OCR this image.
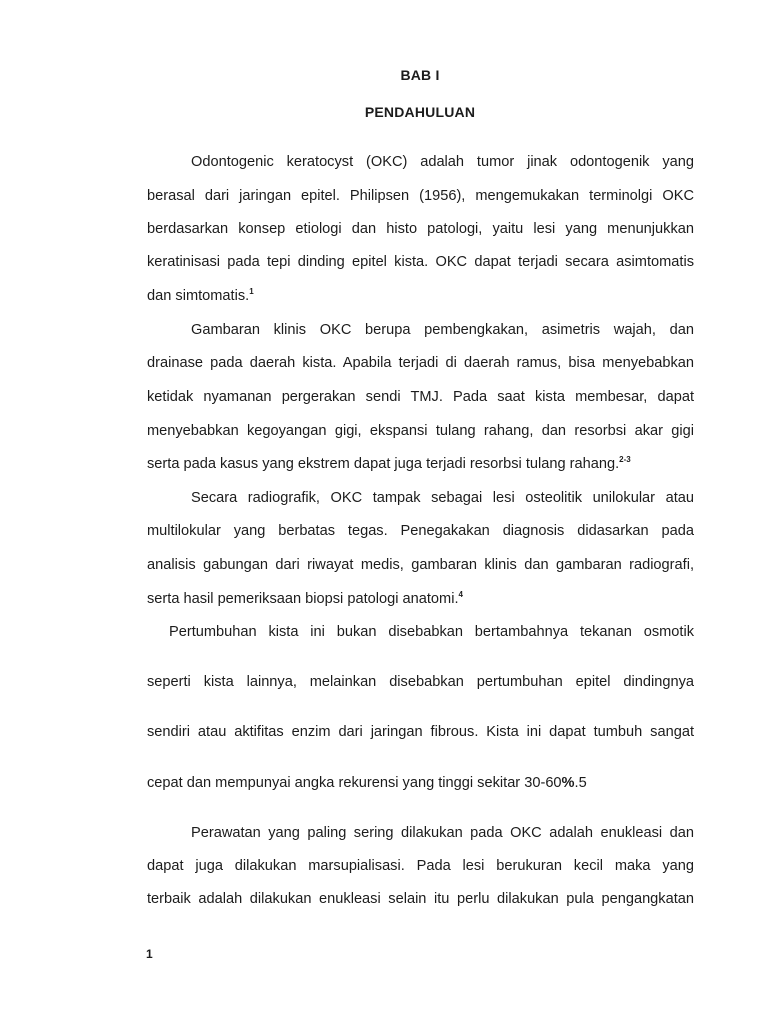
BAB I
PENDAHULUAN
Odontogenic keratocyst (OKC) adalah tumor jinak odontogenik yang
berasal dari jaringan epitel. Philipsen (1956), mengemukakan terminolgi OKC
berdasarkan konsep etiologi dan histo patologi, yaitu lesi yang menunjukkan
keratinisasi pada tepi dinding epitel kista. OKC dapat terjadi secara asimtomatis
dan simtomatis.$^1$
Gambaran klinis OKC berupa pembengkakan, asimetris wajah, dan
drainase pada daerah kista. Apabila terjadi di daerah ramus, bisa menyebabkan
ketidak nyamanan pergerakan sendi TMJ. Pada saat kista membesar, dapat
menyebabkan kegoyangan gigi, ekspansi tulang rahang, dan resorbsi akar gigi
serta pada kasus yang ekstrem dapat juga terjadi resorbsi tulang rahang.$^{2-3}$
Secara radiografik, OKC tampak sebagai lesi osteolitik unilokular atau
multilokular yang berbatas tegas. Penegakakan diagnosis didasarkan pada
analisis gabungan dari riwayat medis, gambaran klinis dan gambaran radiografi,
serta hasil pemeriksaan biopsi patologi anatomi.$^4$
Pertumbuhan kista ini bukan disebabkan bertambahnya tekanan osmotik
seperti kista lainnya, melainkan disebabkan pertumbuhan epitel dindingnya
sendiri atau aktifitas enzim dari jaringan fibrous. Kista ini dapat tumbuh sangat
cepat dan mempunyai angka rekurensi yang tinggi sekitar 30-60%.5
Perawatan yang paling sering dilakukan pada OKC adalah enukleasi dan
dapat juga dilakukan marsupialisasi. Pada lesi berukuran kecil maka yang
terbaik adalah dilakukan enukleasi selain itu perlu dilakukan pula pengangkatan
1
